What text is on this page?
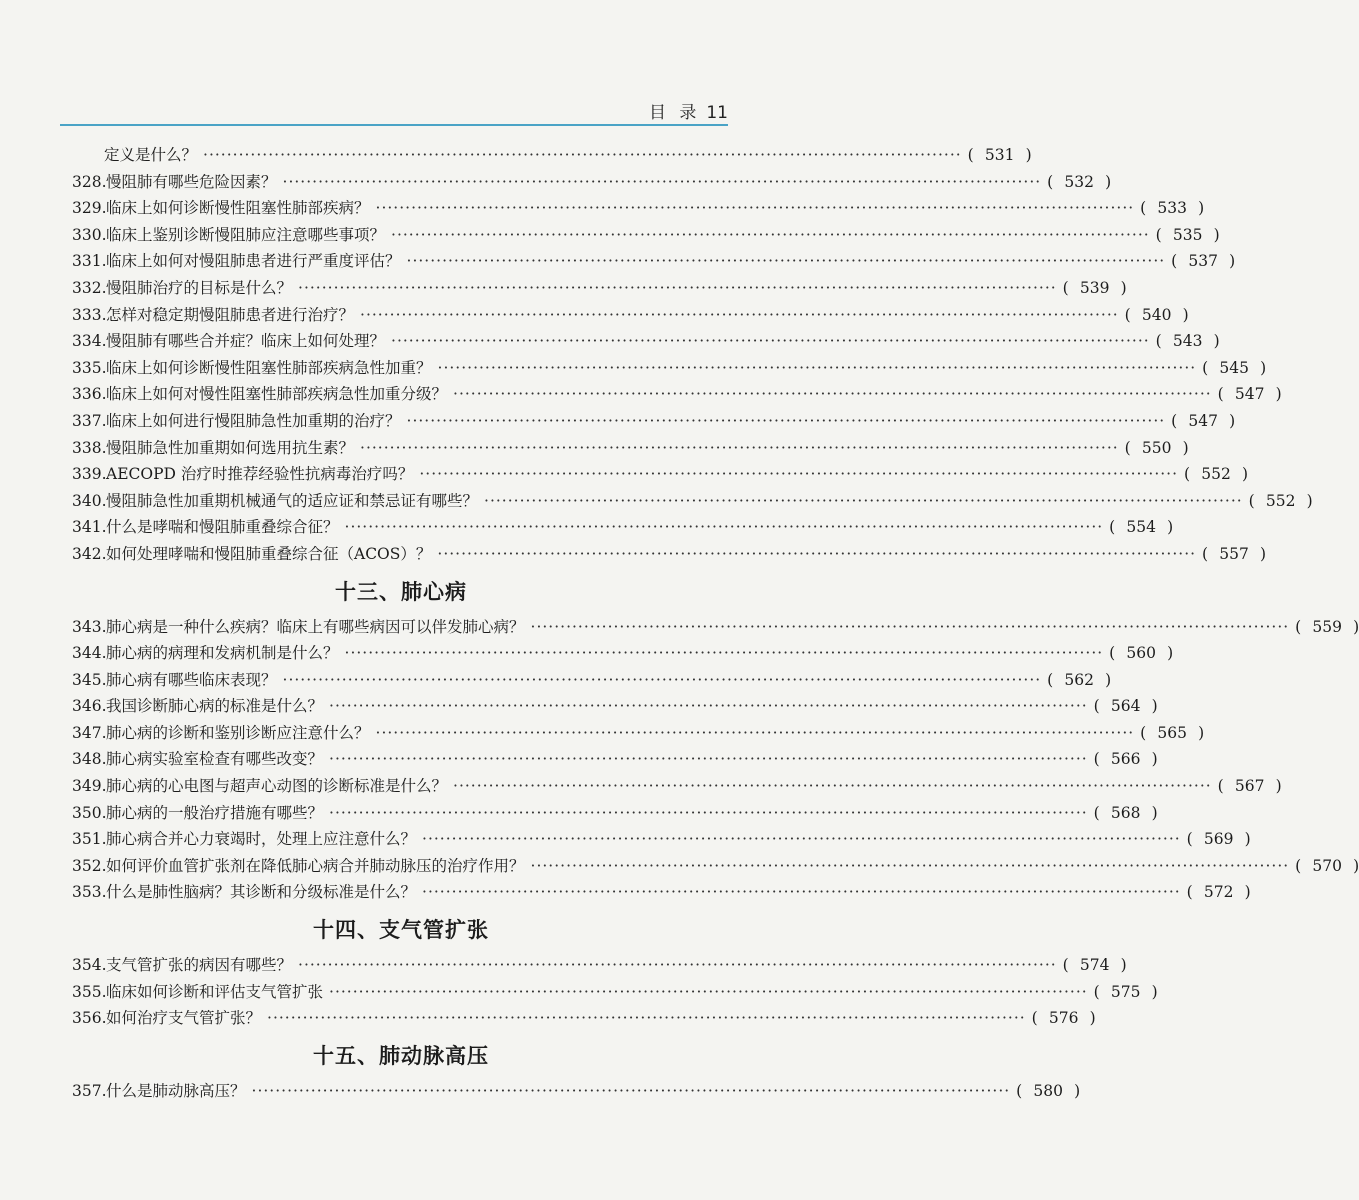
目 录 11
定义是什么？ ·····	( 531 )
328. 慢阻肺有哪些危险因素？ ·····	( 532 )
329. 临床上如何诊断慢性阻塞性肺部疾病？ ·····	( 533 )
330. 临床上鉴别诊断慢阻肺应注意哪些事项？ ·····	( 535 )
331. 临床上如何对慢阻肺患者进行严重度评估？ ·····	( 537 )
332. 慢阻肺治疗的目标是什么？ ·····	( 539 )
333. 怎样对稳定期慢阻肺患者进行治疗？ ·····	( 540 )
334. 慢阻肺有哪些合并症？临床上如何处理？ ·····	( 543 )
335. 临床上如何诊断慢性阻塞性肺部疾病急性加重？ ·····	( 545 )
336. 临床上如何对慢性阻塞性肺部疾病急性加重分级？ ·····	( 547 )
337. 临床上如何进行慢阻肺急性加重期的治疗？ ·····	( 547 )
338. 慢阻肺急性加重期如何选用抗生素？ ·····	( 550 )
339. AECOPD 治疗时推荐经验性抗病毒治疗吗？ ·····	( 552 )
340. 慢阻肺急性加重期机械通气的适应证和禁忌证有哪些？ ·····	( 552 )
341. 什么是哮喘和慢阻肺重叠综合征？ ·····	( 554 )
342. 如何处理哮喘和慢阻肺重叠综合征（ACOS）？ ·····	( 557 )
十三、肺心病
343. 肺心病是一种什么疾病？临床上有哪些病因可以伴发肺心病？ ·····	( 559 )
344. 肺心病的病理和发病机制是什么？ ·····	( 560 )
345. 肺心病有哪些临床表现？ ·····	( 562 )
346. 我国诊断肺心病的标准是什么？ ·····	( 564 )
347. 肺心病的诊断和鉴别诊断应注意什么？ ·····	( 565 )
348. 肺心病实验室检查有哪些改变？ ·····	( 566 )
349. 肺心病的心电图与超声心动图的诊断标准是什么？ ·····	( 567 )
350. 肺心病的一般治疗措施有哪些？ ·····	( 568 )
351. 肺心病合并心力衰竭时，处理上应注意什么？ ·····	( 569 )
352. 如何评价血管扩张剂在降低肺心病合并肺动脉压的治疗作用？ ·····	( 570 )
353. 什么是肺性脑病？其诊断和分级标准是什么？ ·····	( 572 )
十四、支气管扩张
354. 支气管扩张的病因有哪些？ ·····	( 574 )
355. 临床如何诊断和评估支气管扩张 ·····	( 575 )
356. 如何治疗支气管扩张？ ·····	( 576 )
十五、肺动脉高压
357. 什么是肺动脉高压？ ·····	( 580 )
